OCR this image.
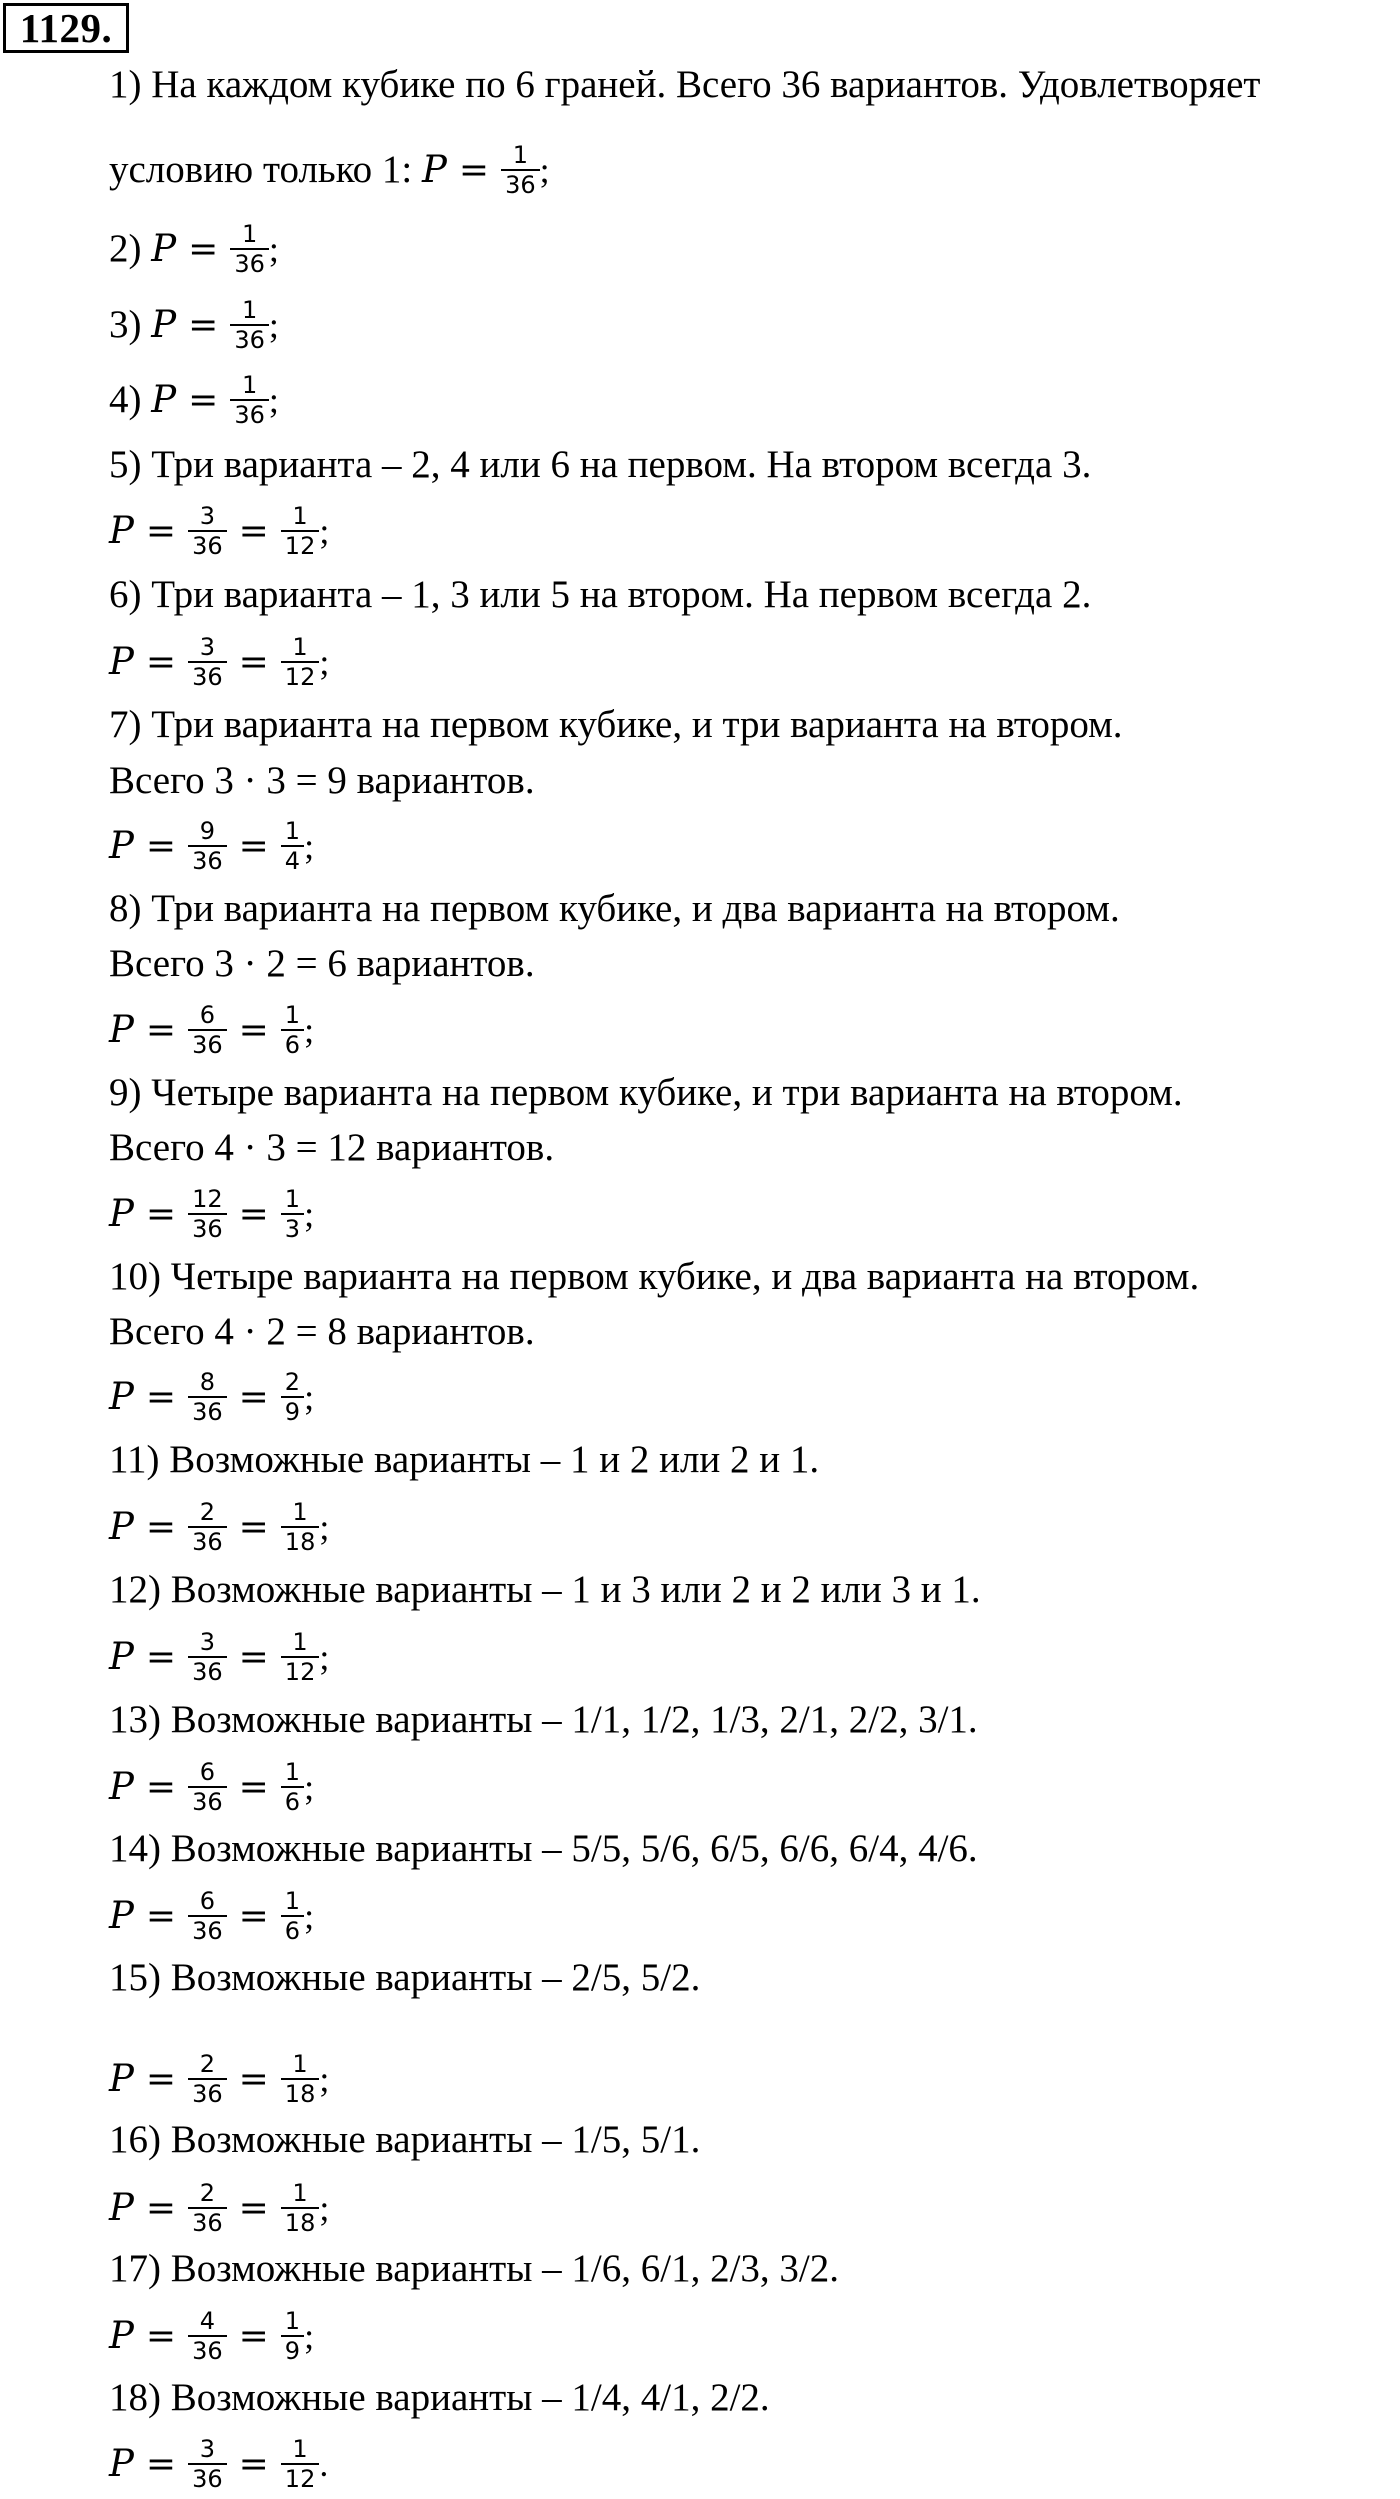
1129.
1) На каждом кубике по 6 граней. Всего 36 вариантов. Удовлетворяет
условию только 1: $P = \frac{1}{36}$ ;
2) $P = \frac{1}{36}$ ;
3) $P = \frac{1}{36}$ ;
4) $P = \frac{1}{36}$ ;
5) Три варианта – 2, 4 или 6 на первом. На втором всегда 3.
$P = \frac{3}{36} = \frac{1}{12}$ ;
6) Три варианта – 1, 3 или 5 на втором. На первом всегда 2.
$P = \frac{3}{36} = \frac{1}{12}$ ;
7) Три варианта на первом кубике, и три варианта на втором.
Всего 3 · 3 = 9 вариантов.
$P = \frac{9}{36} = \frac{1}{4}$ ;
8) Три варианта на первом кубике, и два варианта на втором.
Всего 3 · 2 = 6 вариантов.
$P = \frac{6}{36} = \frac{1}{6}$ ;
9) Четыре варианта на первом кубике, и три варианта на втором.
Всего 4 · 3 = 12 вариантов.
$P = \frac{12}{36} = \frac{1}{3}$ ;
10) Четыре варианта на первом кубике, и два варианта на втором.
Всего 4 · 2 = 8 вариантов.
$P = \frac{8}{36} = \frac{2}{9}$ ;
11) Возможные варианты – 1 и 2 или 2 и 1.
$P = \frac{2}{36} = \frac{1}{18}$ ;
12) Возможные варианты – 1 и 3 или 2 и 2 или 3 и 1.
$P = \frac{3}{36} = \frac{1}{12}$ ;
13) Возможные варианты – 1/1, 1/2, 1/3, 2/1, 2/2, 3/1.
$P = \frac{6}{36} = \frac{1}{6}$ ;
14) Возможные варианты – 5/5, 5/6, 6/5, 6/6, 6/4, 4/6.
$P = \frac{6}{36} = \frac{1}{6}$ ;
15) Возможные варианты – 2/5, 5/2.
$P = \frac{2}{36} = \frac{1}{18}$ ;
16) Возможные варианты – 1/5, 5/1.
$P = \frac{2}{36} = \frac{1}{18}$ ;
17) Возможные варианты – 1/6, 6/1, 2/3, 3/2.
$P = \frac{4}{36} = \frac{1}{9}$ ;
18) Возможные варианты – 1/4, 4/1, 2/2.
$P = \frac{3}{36} = \frac{1}{12}$ .
